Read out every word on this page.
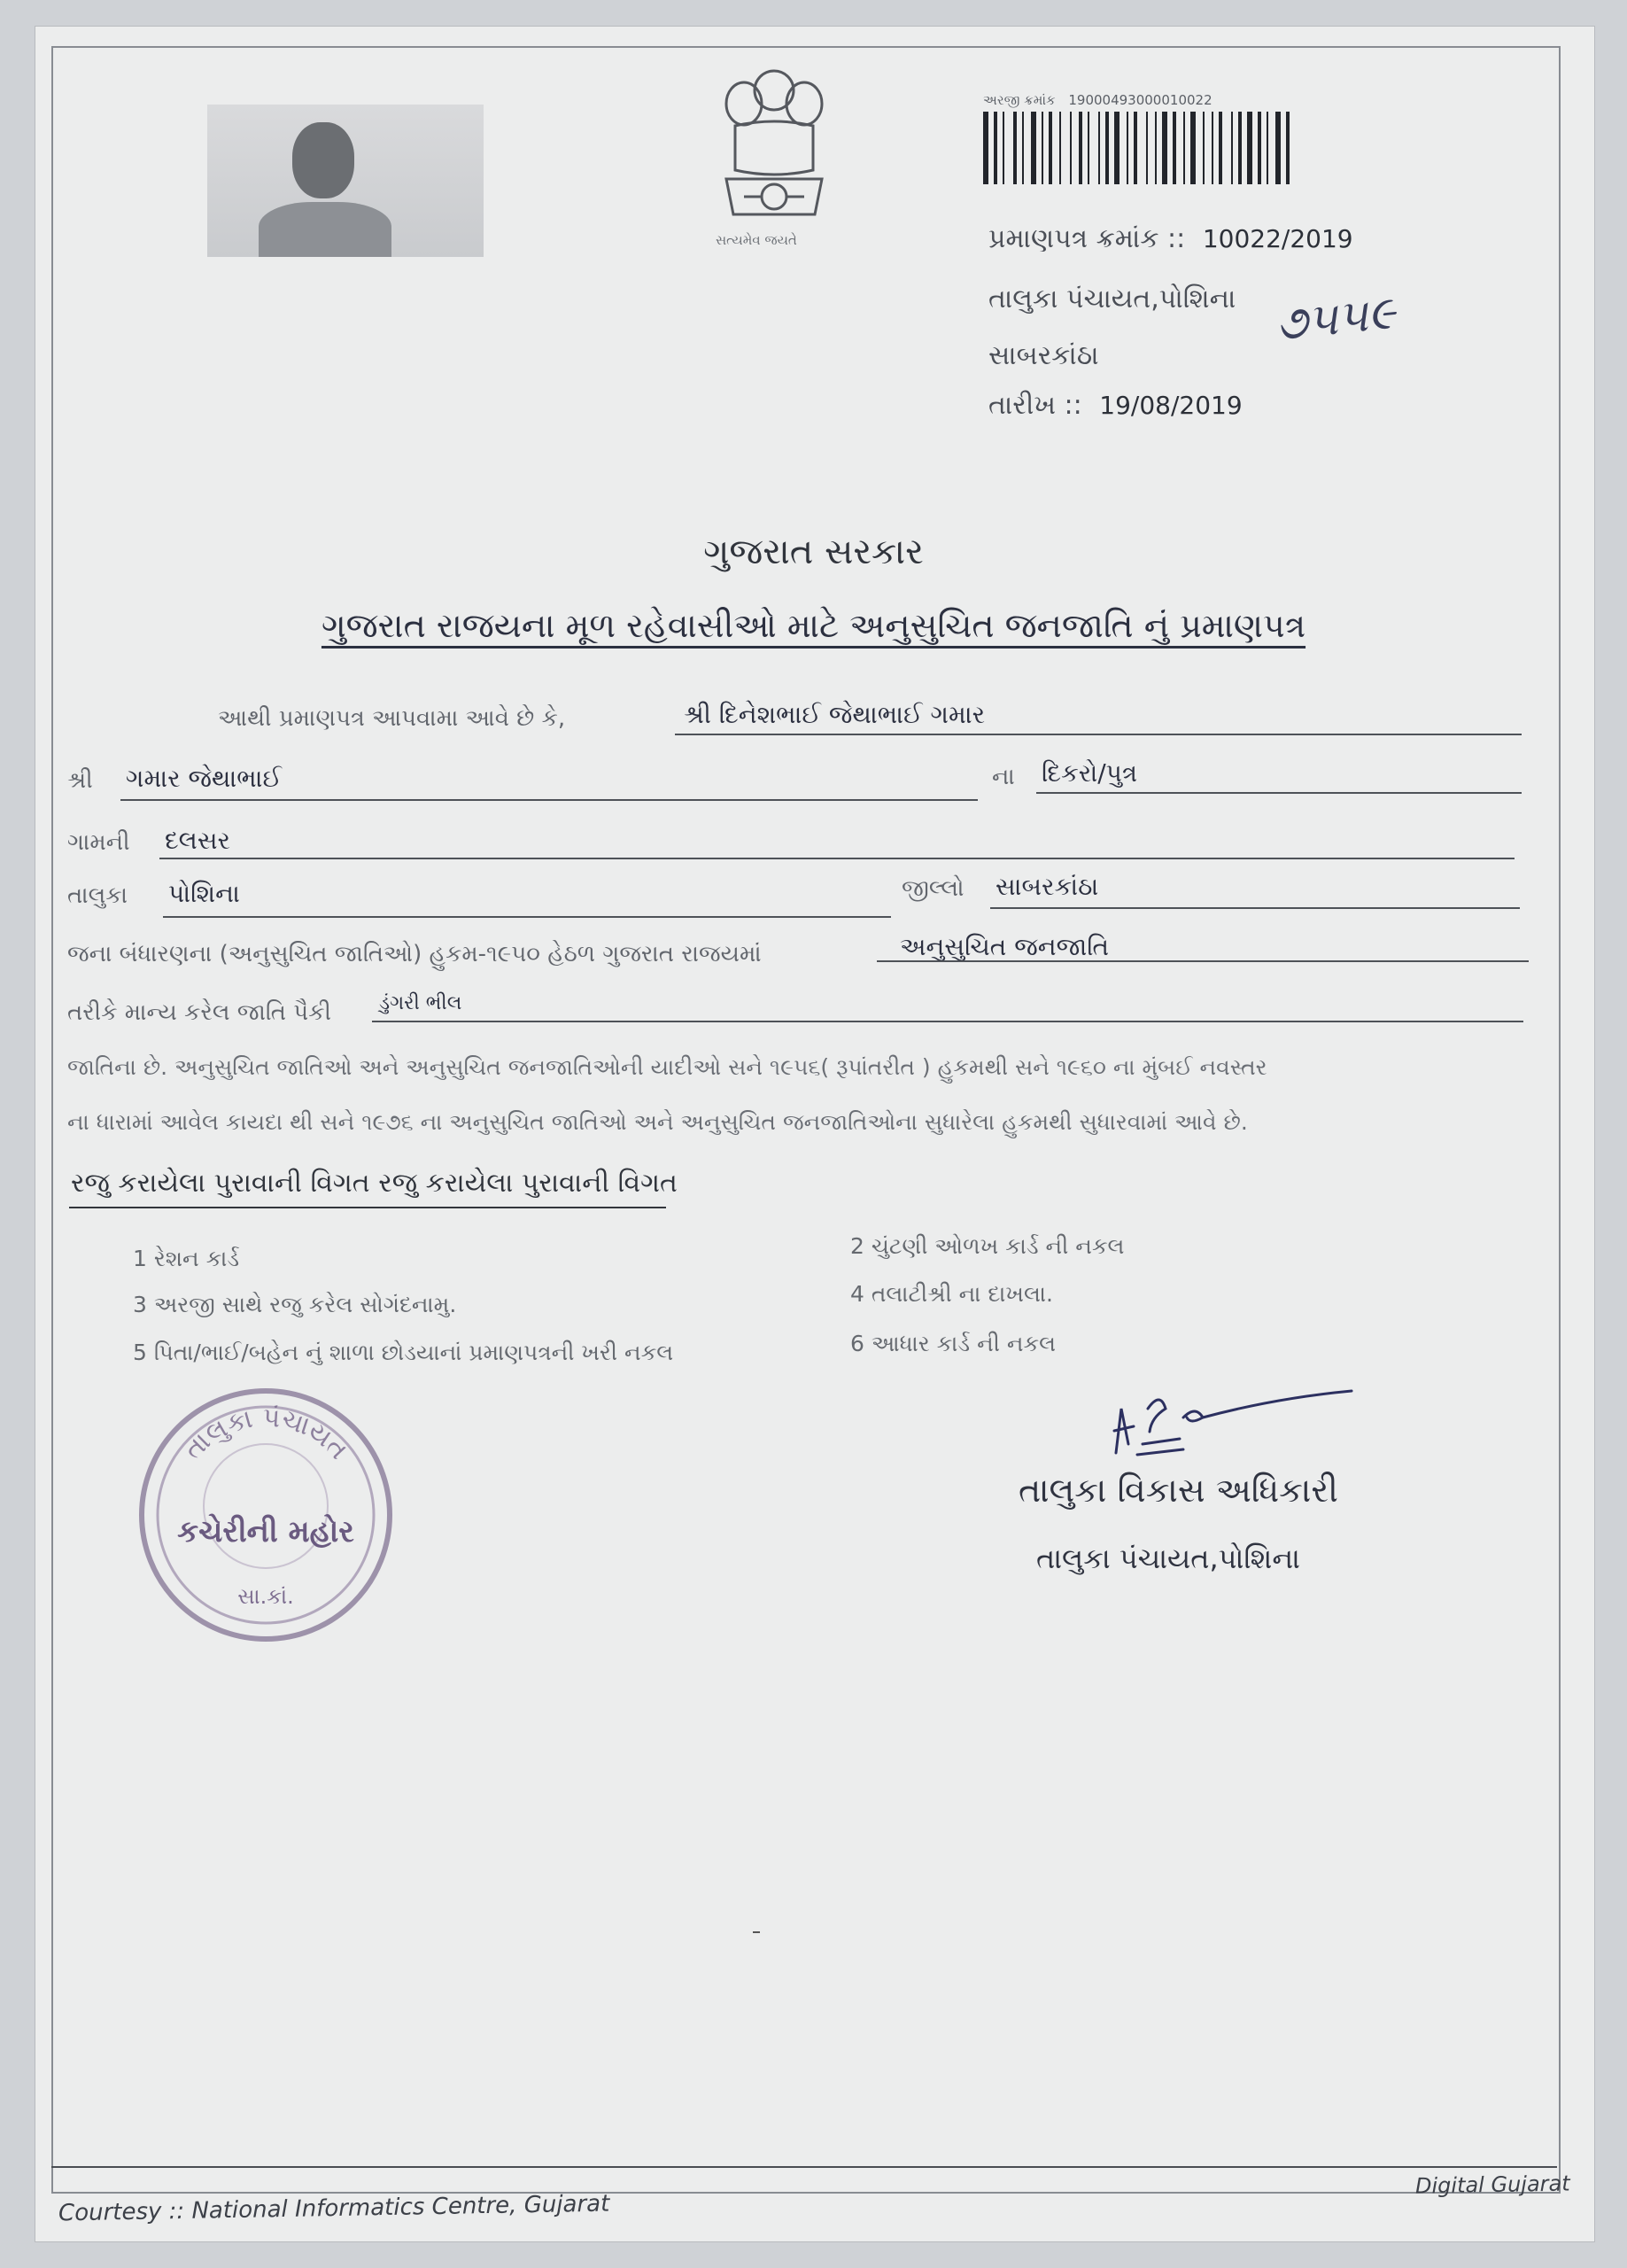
સત્યમેવ જયતે
અરજી ક્રમાંક 19000493000010022
પ્રમાણપત્ર ક્રમાંક :: 10022/2019
તાલુકા પંચાયત,પોશિના
સાબરકાંઠા
તારીખ :: 19/08/2019
૭૫૫૯
ગુજરાત સરકાર
ગુજરાત રાજયના મૂળ રહેવાસીઓ માટે અનુસુચિત જનજાતિ નું પ્રમાણપત્ર
આથી પ્રમાણપત્ર આપવામા આવે છે કે,	શ્રી દિનેશભાઈ જેથાભાઈ ગમાર
શ્રી ગમાર જેથાભાઈ	ના દિકરો/પુત્ર
ગામની દલસર
તાલુકા પોશિના	જીલ્લો સાબરકાંઠા
જના બંધારણના (અનુસુચિત જાતિઓ) હુકમ-૧૯૫૦ હેઠળ ગુજરાત રાજયમાં	અનુસુચિત જનજાતિ
તરીકે માન્ય કરેલ જાતિ પૈકી ડુંગરી ભીલ
જાતિના છે. અનુસુચિત જાતિઓ અને અનુસુચિત જનજાતિઓની યાદીઓ સને ૧૯૫૬( રૂપાંતરીત ) હુકમથી સને ૧૯૬૦ ના મુંબઈ નવસ્તર
ના ધારામાં આવેલ કાયદા થી સને ૧૯૭૬ ના અનુસુચિત જાતિઓ અને અનુસુચિત જનજાતિઓના સુધારેલા હુકમથી સુધારવામાં આવે છે.
રજુ કરાયેલા પુરાવાની વિગત રજુ કરાયેલા પુરાવાની વિગત
1 રેશન કાર્ડ	2 ચુંટણી ઓળખ કાર્ડ ની નકલ
3 અરજી સાથે રજુ કરેલ સોગંદનામુ.	4 તલાટીશ્રી ના દાખલા.
5 પિતા/ભાઈ/બહેન નું શાળા છોડયાનાં પ્રમાણપત્રની ખરી નકલ	6 આધાર કાર્ડ ની નકલ
તાલુકા પંચાયત
કચેરીની મહોર
સા.કાં.
તાલુકા વિકાસ અધિકારી
તાલુકા પંચાયત,પોશિના
Courtesy :: National Informatics Centre, Gujarat
Digital Gujarat
